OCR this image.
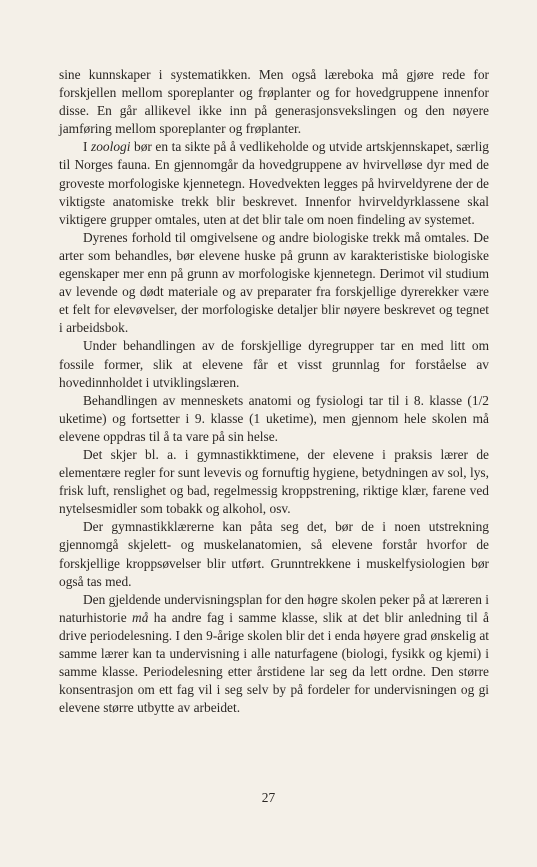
sine kunnskaper i systematikken. Men også læreboka må gjøre rede for forskjellen mellom sporeplanter og frøplanter og for hovedgruppene innenfor disse. En går allikevel ikke inn på generasjonsvekslingen og den nøyere jamføring mellom sporeplanter og frøplanter.

I zoologi bør en ta sikte på å vedlikeholde og utvide artskjennskapet, særlig til Norges fauna. En gjennomgår da hovedgruppene av hvirvelløse dyr med de groveste morfologiske kjennetegn. Hovedvekten legges på hvirveldyrene der de viktigste anatomiske trekk blir beskrevet. Innenfor hvirveldyrklassene skal viktigere grupper omtales, uten at det blir tale om noen findeling av systemet.

Dyrenes forhold til omgivelsene og andre biologiske trekk må omtales. De arter som behandles, bør elevene huske på grunn av karakteristiske biologiske egenskaper mer enn på grunn av morfologiske kjennetegn. Derimot vil studium av levende og dødt materiale og av preparater fra forskjellige dyrerekker være et felt for elevøvelser, der morfologiske detaljer blir nøyere beskrevet og tegnet i arbeidsbok.

Under behandlingen av de forskjellige dyregrupper tar en med litt om fossile former, slik at elevene får et visst grunnlag for forståelse av hovedinnholdet i utviklingslæren.

Behandlingen av menneskets anatomi og fysiologi tar til i 8. klasse (1/2 uketime) og fortsetter i 9. klasse (1 uketime), men gjennom hele skolen må elevene oppdras til å ta vare på sin helse.

Det skjer bl. a. i gymnastikktimene, der elevene i praksis lærer de elementære regler for sunt levevis og fornuftig hygiene, betydningen av sol, lys, frisk luft, renslighet og bad, regelmessig kroppstrening, riktige klær, farene ved nytelsesmidler som tobakk og alkohol, osv.

Der gymnastikklærerne kan påta seg det, bør de i noen utstrekning gjennomgå skjelett- og muskelanatomien, så elevene forstår hvorfor de forskjellige kroppsøvelser blir utført. Grunntrekkene i muskelfysiologien bør også tas med.

Den gjeldende undervisningsplan for den høgre skolen peker på at læreren i naturhistorie må ha andre fag i samme klasse, slik at det blir anledning til å drive periodelesning. I den 9-årige skolen blir det i enda høyere grad ønskelig at samme lærer kan ta undervisning i alle naturfagene (biologi, fysikk og kjemi) i samme klasse. Periodelesning etter årstidene lar seg da lett ordne. Den større konsentrasjon om ett fag vil i seg selv by på fordeler for undervisningen og gi elevene større utbytte av arbeidet.

27
